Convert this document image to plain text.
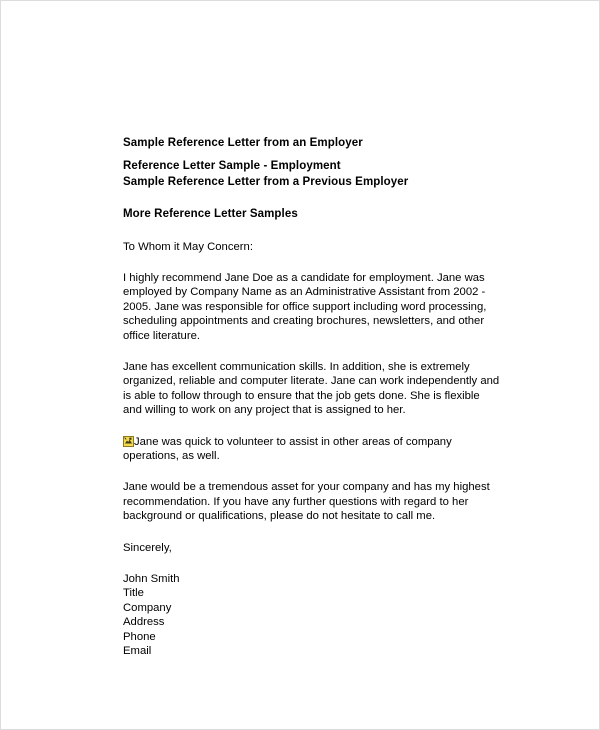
Sample Reference Letter from an Employer
Reference Letter Sample - Employment
Sample Reference Letter from a Previous Employer
More Reference Letter Samples
To Whom it May Concern:
I highly recommend Jane Doe as a candidate for employment. Jane was employed by Company Name as an Administrative Assistant from 2002 - 2005. Jane was responsible for office support including word processing, scheduling appointments and creating brochures, newsletters, and other office literature.
Jane has excellent communication skills. In addition, she is extremely organized, reliable and computer literate. Jane can work independently and is able to follow through to ensure that the job gets done. She is flexible and willing to work on any project that is assigned to her.
Jane was quick to volunteer to assist in other areas of company operations, as well.
Jane would be a tremendous asset for your company and has my highest recommendation. If you have any further questions with regard to her background or qualifications, please do not hesitate to call me.
Sincerely,
John Smith
Title
Company
Address
Phone
Email
